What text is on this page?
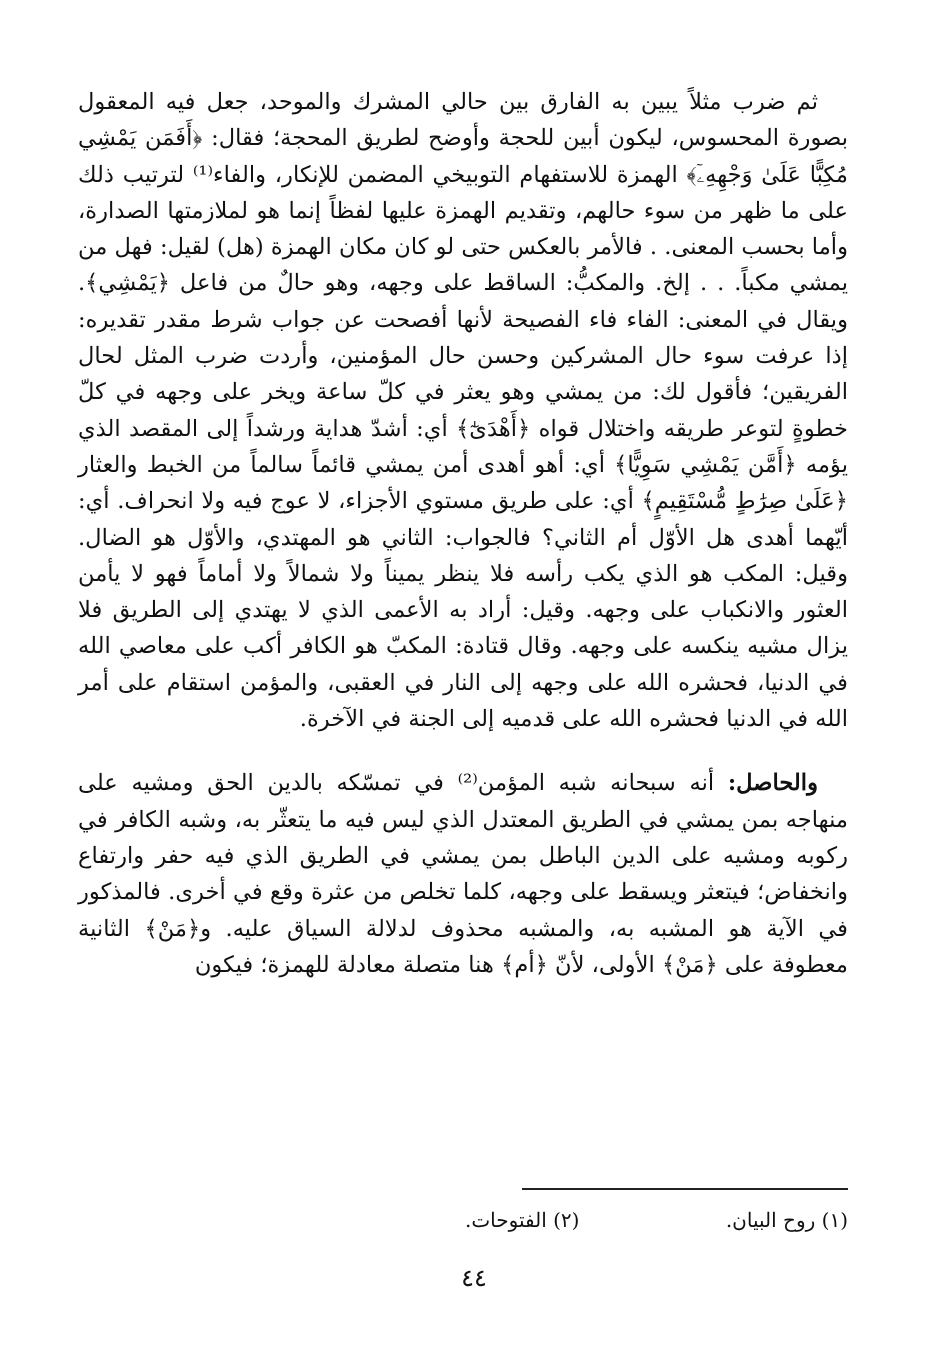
ثم ضرب مثلاً يبين به الفارق بين حالي المشرك والموحد، جعل فيه المعقول بصورة المحسوس، ليكون أبين للحجة وأوضح لطريق المحجة؛ فقال: ﴿أَفَمَن يَمْشِي مُكِبًّا عَلَىٰ وَجْهِهِۦٓ﴾ الهمزة للاستفهام التوبيخي المضمن للإنكار، والفاء⁽¹⁾ لترتيب ذلك على ما ظهر من سوء حالهم، وتقديم الهمزة عليها لفظاً إنما هو لملازمتها الصدارة، وأما بحسب المعنى. . فالأمر بالعكس حتى لو كان مكان الهمزة (هل) لقيل: فهل من يمشي مكباً. . . إلخ. والمكبُّ: الساقط على وجهه، وهو حالٌ من فاعل ﴿يَمْشِي﴾. ويقال في المعنى: الفاء فاء الفصيحة لأنها أفصحت عن جواب شرط مقدر تقديره: إذا عرفت سوء حال المشركين وحسن حال المؤمنين، وأردت ضرب المثل لحال الفريقين؛ فأقول لك: من يمشي وهو يعثر في كلّ ساعة ويخر على وجهه في كلّ خطوةٍ لتوعر طريقه واختلال قواه ﴿أَهْدَىٰٓ﴾ أي: أشدّ هداية ورشداً إلى المقصد الذي يؤمه ﴿أَمَّن يَمْشِي سَوِيًّا﴾ أي: أهو أهدى أمن يمشي قائماً سالماً من الخبط والعثار ﴿عَلَىٰ صِرَٰطٍ مُّسْتَقِيمٍ﴾ أي: على طريق مستوي الأجزاء، لا عوج فيه ولا انحراف. أي: أيّهما أهدى هل الأوّل أم الثاني؟ فالجواب: الثاني هو المهتدي، والأوّل هو الضال. وقيل: المكب هو الذي يكب رأسه فلا ينظر يميناً ولا شمالاً ولا أماماً فهو لا يأمن العثور والانكباب على وجهه. وقيل: أراد به الأعمى الذي لا يهتدي إلى الطريق فلا يزال مشيه ينكسه على وجهه. وقال قتادة: المكبّ هو الكافر أكب على معاصي الله في الدنيا، فحشره الله على وجهه إلى النار في العقبى، والمؤمن استقام على أمر الله في الدنيا فحشره الله على قدميه إلى الجنة في الآخرة.

والحاصل: أنه سبحانه شبه المؤمن⁽²⁾ في تمسّكه بالدين الحق ومشيه على منهاجه بمن يمشي في الطريق المعتدل الذي ليس فيه ما يتعثّر به، وشبه الكافر في ركوبه ومشيه على الدين الباطل بمن يمشي في الطريق الذي فيه حفر وارتفاع وانخفاض؛ فيتعثر ويسقط على وجهه، كلما تخلص من عثرة وقع في أخرى. فالمذكور في الآية هو المشبه به، والمشبه محذوف لدلالة السياق عليه. و﴿مَنْ﴾ الثانية معطوفة على ﴿مَنْ﴾ الأولى، لأنّ ﴿أم﴾ هنا متصلة معادلة للهمزة؛ فيكون

(١) روح البيان. (٢) الفتوحات.
٤٤
